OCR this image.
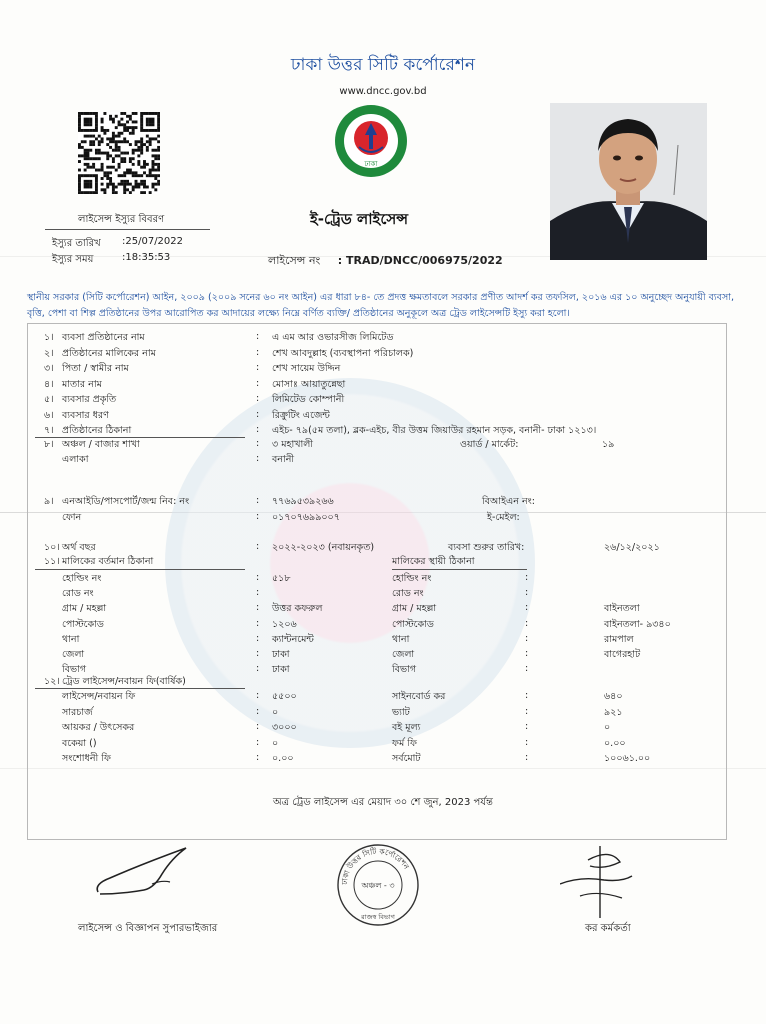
ঢাকা উত্তর সিটি কর্পোরেশন
www.dncc.gov.bd
ঢাকা
লাইসেন্স ইস্যুর বিবরণ
ইস্যুর তারিখ :25/07/2022
ইস্যুর সময়	:18:35:53
ই-ট্রেড লাইসেন্স
লাইসেন্স নং : TRAD/DNCC/006975/2022
স্থানীয় সরকার (সিটি কর্পোরেশন) আইন, ২০০৯ (২০০৯ সনের ৬০ নং আইন) এর ধারা ৮৪- তে প্রদত্ত ক্ষমতাবলে সরকার প্রণীত আদর্শ কর তফসিল, ২০১৬ এর ১০ অনুচ্ছেদ অনুযায়ী ব্যবসা, বৃত্তি, পেশা বা শিল্প প্রতিষ্ঠানের উপর আরোপিত কর আদায়ের লক্ষ্যে নিম্নে বর্ণিত ব্যক্তি/ প্রতিষ্ঠানের অনুকূলে অত্র ট্রেড লাইসেন্সটি ইস্যু করা হলো।
১। ব্যবসা প্রতিষ্ঠানের নাম	: এ এম আর ওভারসীজ লিমিটেড
২। প্রতিষ্ঠানের মালিকের নাম	: শেখ আবদুল্লাহ (ব্যবস্থাপনা পরিচালক)
৩। পিতা / স্বামীর নাম	: শেখ সায়েম উদ্দিন
৪। মাতার নাম	: মোসাঃ আয়াতুন্নেছা
৫। ব্যবসার প্রকৃতি	: লিমিটেড কোম্পানী
৬। ব্যবসার ধরণ	: রিক্রুটিং এজেন্ট
৭। প্রতিষ্ঠানের ঠিকানা	: এইচ- ৭৯(৫ম তলা), ব্লক-এইচ, বীর উত্তম জিয়াউর রহমান সড়ক, বনানী- ঢাকা ১২১৩।
৮। অঞ্চল / বাজার শাখা	: ৩ মহাখালী	ওয়ার্ড / মার্কেট:	১৯
এলাকা	: বনানী
৯। এনআইডি/পাসপোর্ট/জন্ম নিব: নং	: ৭৭৬৯৫৩৯২৬৬	বিআইএন নং:
ফোন	: ০১৭০৭৬৯৯০০৭	ই-মেইল:
১০। অর্থ বছর	: ২০২২-২০২৩ (নবায়নকৃত)	ব্যবসা শুরুর তারিখ:	২৬/১২/২০২১
১১। মালিকের বর্তমান ঠিকানা	মালিকের স্থায়ী ঠিকানা
হোল্ডিং নং	: ৫১৮	হোল্ডিং নং	:
রোড নং	:	রোড নং	:
গ্রাম / মহল্লা	: উত্তর কফরুল	গ্রাম / মহল্লা	:	বাইনতলা
পোস্টকোড	: ১২০৬	পোস্টকোড	:	বাইনতলা- ৯৩৪০
থানা	: ক্যান্টনমেন্ট	থানা	:	রামপাল
জেলা	: ঢাকা	জেলা	:	বাগেরহাট
বিভাগ	: ঢাকা	বিভাগ	:
১২। ট্রেড লাইসেন্স/নবায়ন ফি(বার্ষিক)
লাইসেন্স/নবায়ন ফি	: ৫৫০০	সাইনবোর্ড কর	:	৬৪০
সারচার্জ	: ০	ভ্যাট	:	৯২১
আয়কর / উৎসেকর	: ৩০০০	বই মূল্য	:	০
বকেয়া ()	: ০	ফর্ম ফি	:	০.০০
সংশোধনী ফি	: ০.০০	সর্বমোট	:	১০০৬১.০০
অত্র ট্রেড লাইসেন্স এর মেয়াদ ৩০ শে জুন, 2023 পর্যন্ত
ঢাকা উত্তর সিটি কর্পোরেশন
অঞ্চল - ৩
রাজস্ব বিভাগ
লাইসেন্স ও বিজ্ঞাপন সুপারভাইজার	কর কর্মকর্তা
